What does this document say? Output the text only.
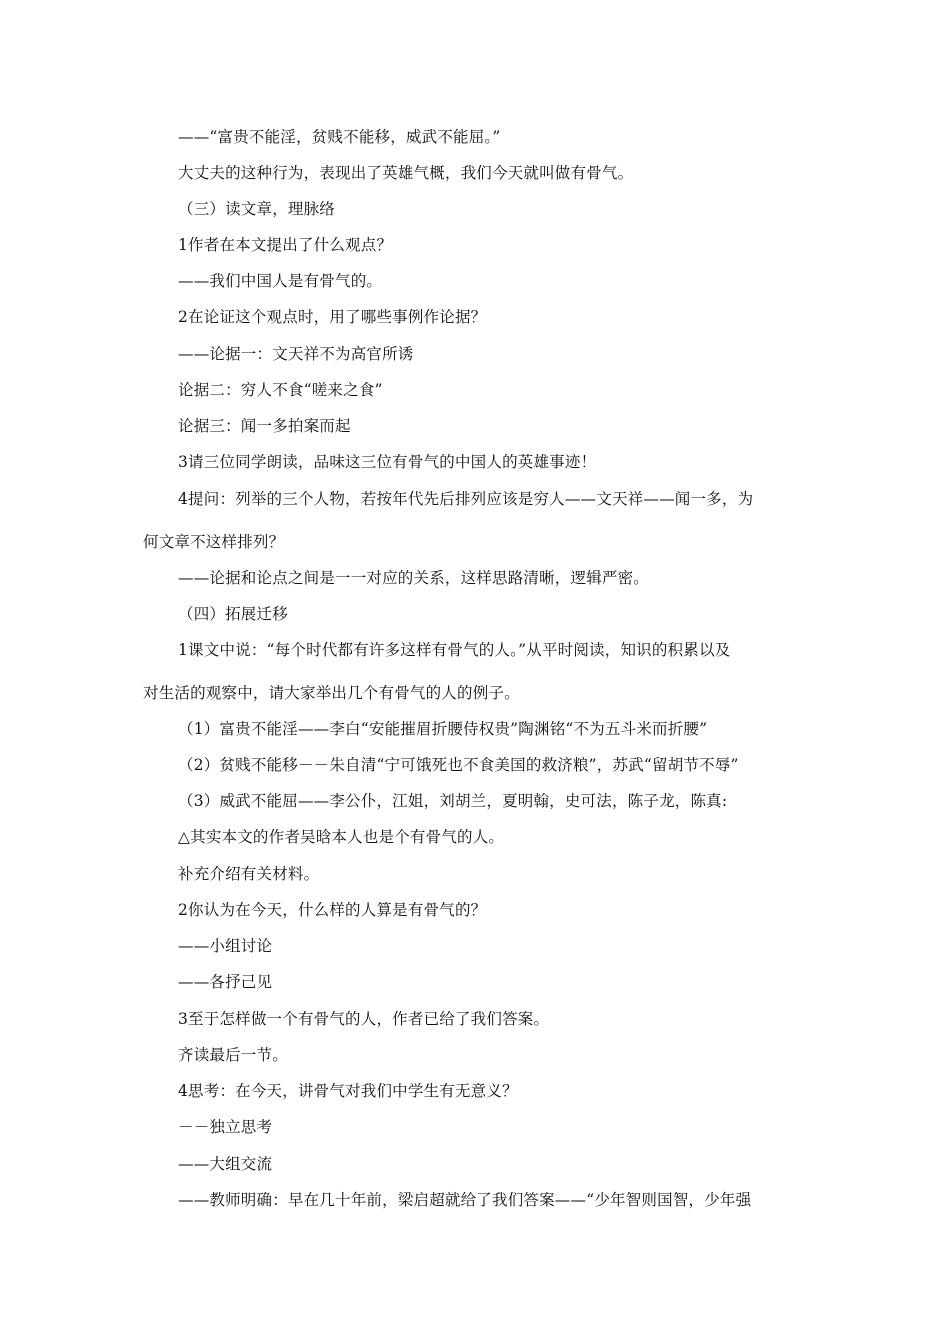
——“富贵不能淫，贫贱不能移，威武不能屈。”
大丈夫的这种行为，表现出了英雄气概，我们今天就叫做有骨气。
（三）读文章，理脉络
1作者在本文提出了什么观点？
——我们中国人是有骨气的。
2在论证这个观点时，用了哪些事例作论据？
——论据一：文天祥不为高官所诱
论据二：穷人不食“嗟来之食”
论据三：闻一多拍案而起
3请三位同学朗读，品味这三位有骨气的中国人的英雄事迹！
4提问：列举的三个人物，若按年代先后排列应该是穷人——文天祥——闻一多，为
何文章不这样排列？
——论据和论点之间是一一对应的关系，这样思路清晰，逻辑严密。
（四）拓展迁移
1课文中说：“每个时代都有许多这样有骨气的人。”从平时阅读，知识的积累以及
对生活的观察中，请大家举出几个有骨气的人的例子。
（1）富贵不能淫——李白“安能摧眉折腰侍权贵”陶渊铭“不为五斗米而折腰”
（2）贫贱不能移－－朱自清“宁可饿死也不食美国的救济粮”，苏武“留胡节不辱”
（3）威武不能屈——李公仆，江姐，刘胡兰，夏明翰，史可法，陈子龙，陈真:
△其实本文的作者吴晗本人也是个有骨气的人。
补充介绍有关材料。
2你认为在今天，什么样的人算是有骨气的？
——小组讨论
——各抒己见
3至于怎样做一个有骨气的人，作者已给了我们答案。
齐读最后一节。
4思考：在今天，讲骨气对我们中学生有无意义？
－－独立思考
——大组交流
——教师明确：早在几十年前，梁启超就给了我们答案——“少年智则国智，少年强
